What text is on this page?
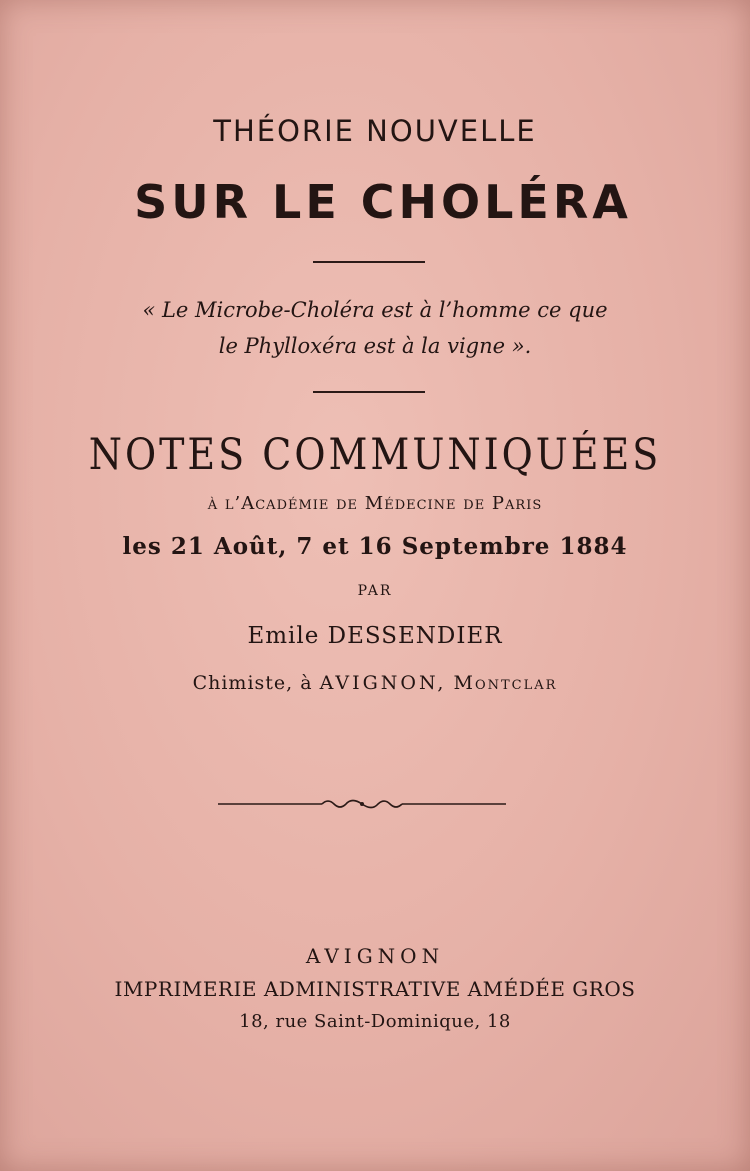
THÉORIE NOUVELLE
SUR LE CHOLÉRA
« Le Microbe-Choléra est à l’homme ce que
le Phylloxéra est à la vigne ».
NOTES COMMUNIQUÉES
à l’Académie de Médecine de Paris
les 21 Août, 7 et 16 Septembre 1884
PAR
Emile DESSENDIER
Chimiste, à AVIGNON, Montclar
AVIGNON
IMPRIMERIE ADMINISTRATIVE AMÉDÉE GROS
18, rue Saint-Dominique, 18
